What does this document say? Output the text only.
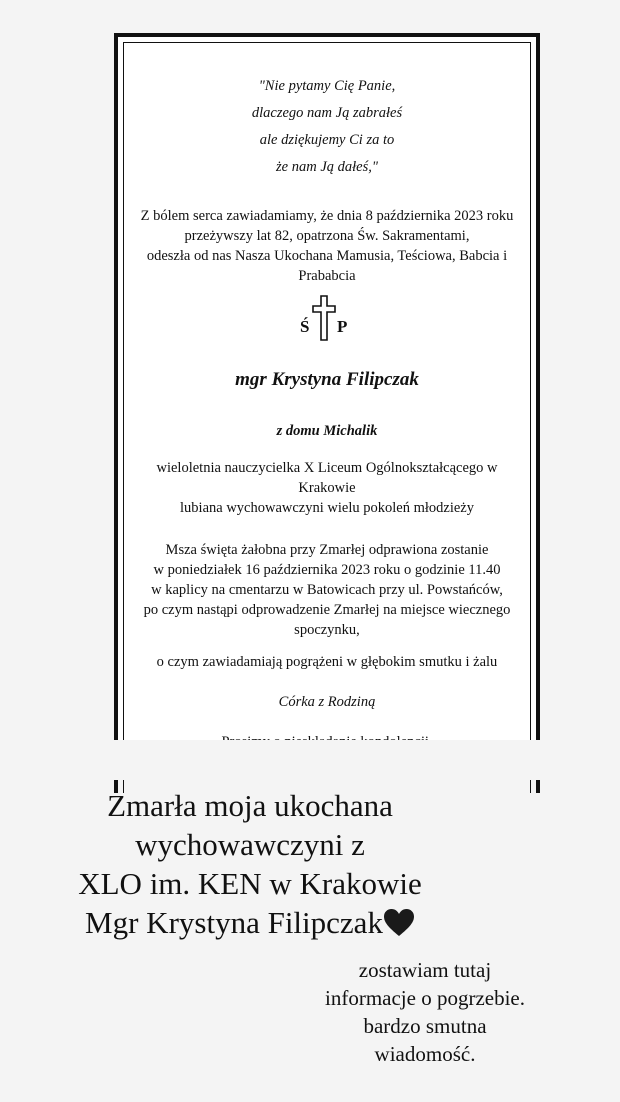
"Nie pytamy Cię Panie,
dlaczego nam Ją zabrałeś
ale dziękujemy Ci za to
że nam Ją dałeś,"
Z bólem serca zawiadamiamy, że dnia 8 października 2023 roku
przeżywszy lat 82, opatrzona Św. Sakramentami,
odeszła od nas Nasza Ukochana Mamusia, Teściowa, Babcia i
Prababcia
Ś P
mgr Krystyna Filipczak
z domu Michalik
wieloletnia nauczycielka X Liceum Ogólnokształcącego w
Krakowie
lubiana wychowawczyni wielu pokoleń młodzieży
Msza święta żałobna przy Zmarłej odprawiona zostanie
w poniedziałek 16 października 2023 roku o godzinie 11.40
w kaplicy na cmentarzu w Batowicach przy ul. Powstańców,
po czym nastąpi odprowadzenie Zmarłej na miejsce wiecznego
spoczynku,
o czym zawiadamiają pogrążeni w głębokim smutku i żalu
Córka z Rodziną
Zmarła moja ukochana
wychowawczyni z
XLO im. KEN w Krakowie
Mgr Krystyna Filipczak
zostawiam tutaj
informacje o pogrzebie.
bardzo smutna
wiadomość.
